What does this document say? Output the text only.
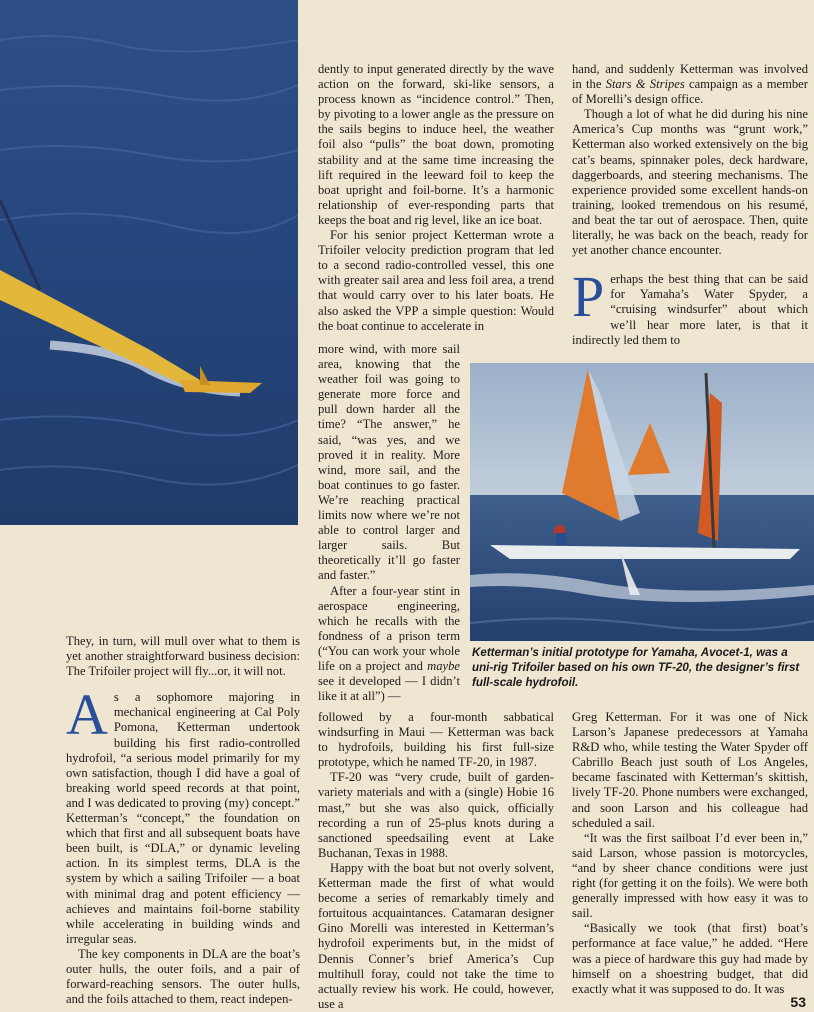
They, in turn, will mull over what to them is yet another straightforward business decision: The Trifoiler project will fly...or, it will not.

As a sophomore majoring in mechanical engineering at Cal Poly Pomona, Ketterman undertook building his first radio-controlled hydrofoil, “a serious model primarily for my own satisfaction, though I did have a goal of breaking world speed records at that point, and I was dedicated to proving (my) concept.” Ketterman’s “concept,” the foundation on which that first and all subsequent boats have been built, is “DLA,” or dynamic leveling action. In its simplest terms, DLA is the system by which a sailing Trifoiler — a boat with minimal drag and potent efficiency — achieves and maintains foil-borne stability while accelerating in building winds and irregular seas.

The key components in DLA are the boat’s outer hulls, the outer foils, and a pair of forward-reaching sensors. The outer hulls, and the foils attached to them, react indepen-

dently to input generated directly by the wave action on the forward, ski-like sensors, a process known as “incidence control.” Then, by pivoting to a lower angle as the pressure on the sails begins to induce heel, the weather foil also “pulls” the boat down, promoting stability and at the same time increasing the lift required in the leeward foil to keep the boat upright and foil-borne. It’s a harmonic relationship of ever-responding parts that keeps the boat and rig level, like an ice boat.

For his senior project Ketterman wrote a Trifoiler velocity prediction program that led to a second radio-controlled vessel, this one with greater sail area and less foil area, a trend that would carry over to his later boats. He also asked the VPP a simple question: Would the boat continue to accelerate in

more wind, with more sail area, knowing that the weather foil was going to generate more force and pull down harder all the time? “The answer,” he said, “was yes, and we proved it in reality. More wind, more sail, and the boat continues to go faster. We’re reaching practical limits now where we’re not able to control larger and larger sails. But theoretically it’ll go faster and faster.”

After a four-year stint in aerospace engineering, which he recalls with the fondness of a prison term (“You can work your whole life on a project and maybe see it developed — I didn’t like it at all”) —

followed by a four-month sabbatical windsurfing in Maui — Ketterman was back to hydrofoils, building his first full-size prototype, which he named TF-20, in 1987.

TF-20 was “very crude, built of garden-variety materials and with a (single) Hobie 16 mast,” but she was also quick, officially recording a run of 25-plus knots during a sanctioned speedsailing event at Lake Buchanan, Texas in 1988.

Happy with the boat but not overly solvent, Ketterman made the first of what would become a series of remarkably timely and fortuitous acquaintances. Catamaran designer Gino Morelli was interested in Ketterman’s hydrofoil experiments but, in the midst of Dennis Conner’s brief America’s Cup multihull foray, could not take the time to actually review his work. He could, however, use a

hand, and suddenly Ketterman was involved in the Stars & Stripes campaign as a member of Morelli’s design office.

Though a lot of what he did during his nine America’s Cup months was “grunt work,” Ketterman also worked extensively on the big cat’s beams, spinnaker poles, deck hardware, daggerboards, and steering mechanisms. The experience provided some excellent hands-on training, looked tremendous on his resumé, and beat the tar out of aerospace. Then, quite literally, he was back on the beach, ready for yet another chance encounter.

Perhaps the best thing that can be said for Yamaha’s Water Spyder, a “cruising windsurfer” about which we’ll hear more later, is that it indirectly led them to

Ketterman’s initial prototype for Yamaha, Avocet-1, was a uni-rig Trifoiler based on his own TF-20, the designer’s first full-scale hydrofoil.

Greg Ketterman. For it was one of Nick Larson’s Japanese predecessors at Yamaha R&D who, while testing the Water Spyder off Cabrillo Beach just south of Los Angeles, became fascinated with Ketterman’s skittish, lively TF-20. Phone numbers were exchanged, and soon Larson and his colleague had scheduled a sail.

“It was the first sailboat I’d ever been in,” said Larson, whose passion is motorcycles, “and by sheer chance conditions were just right (for getting it on the foils). We were both generally impressed with how easy it was to sail.

“Basically we took (that first) boat’s performance at face value,” he added. “Here was a piece of hardware this guy had made by himself on a shoestring budget, that did exactly what it was supposed to do. It was

53
